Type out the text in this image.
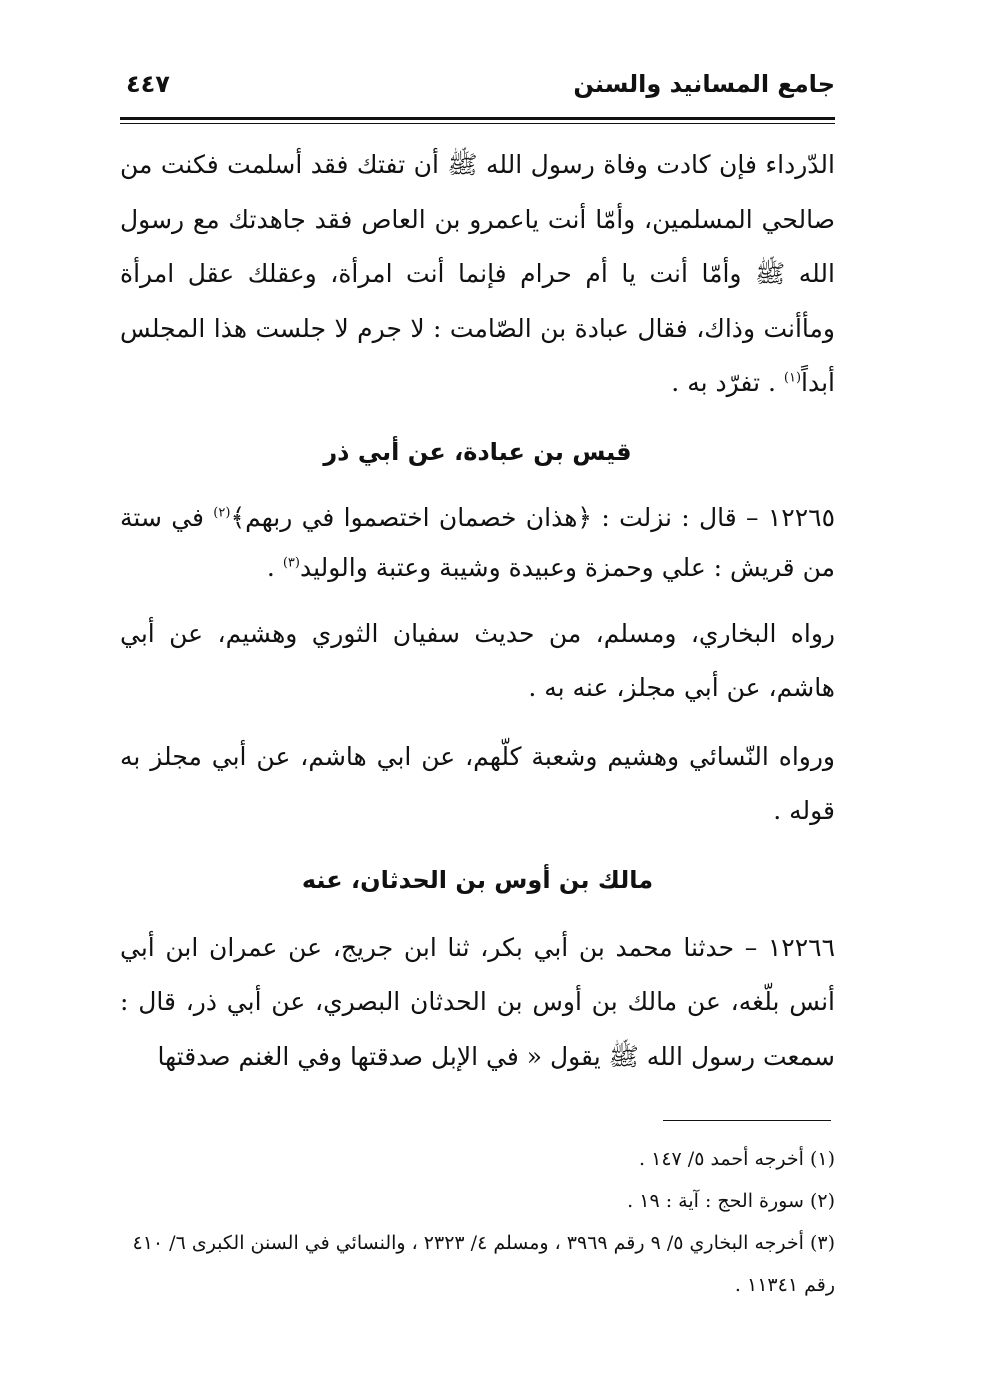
جامع المسانيد والسنن
٤٤٧

الدّرداء فإن كادت وفاة رسول الله ﷺ أن تفتك فقد أسلمت فكنت من صالحي المسلمين، وأمّا أنت ياعمرو بن العاص فقد جاهدتك مع رسول الله ﷺ وأمّا أنت يا أم حرام فإنما أنت امرأة، وعقلك عقل امرأة ومأأنت وذاك، فقال عبادة بن الصّامت : لا جرم لا جلست هذا المجلس أبداً$^{(١)}$ . تفرّد به .

قيس بن عبادة، عن أبي ذر

١٢٢٦٥ – قال : نزلت : ﴿هذان خصمان اختصموا في ربهم﴾$^{(٢)}$ في ستة من قريش : علي وحمزة وعبيدة وشيبة وعتبة والوليد$^{(٣)}$ .

رواه البخاري، ومسلم، من حديث سفيان الثوري وهشيم، عن أبي هاشم، عن أبي مجلز، عنه به .

ورواه النّسائي وهشيم وشعبة كلّهم، عن ابي هاشم، عن أبي مجلز به قوله .

مالك بن أوس بن الحدثان، عنه

١٢٢٦٦ – حدثنا محمد بن أبي بكر، ثنا ابن جريج، عن عمران ابن أبي أنس بلّغه، عن مالك بن أوس بن الحدثان البصري، عن أبي ذر، قال : سمعت رسول الله ﷺ يقول « في الإبل صدقتها وفي الغنم صدقتها

(١) أخرجه أحمد ٥/ ١٤٧ .

(٢) سورة الحج : آية : ١٩ .

(٣) أخرجه البخاري ٥/ ٩ رقم ٣٩٦٩ ، ومسلم ٤/ ٢٣٢٣ ، والنسائي في السنن الكبرى ٦/ ٤١٠ رقم ١١٣٤١ .
